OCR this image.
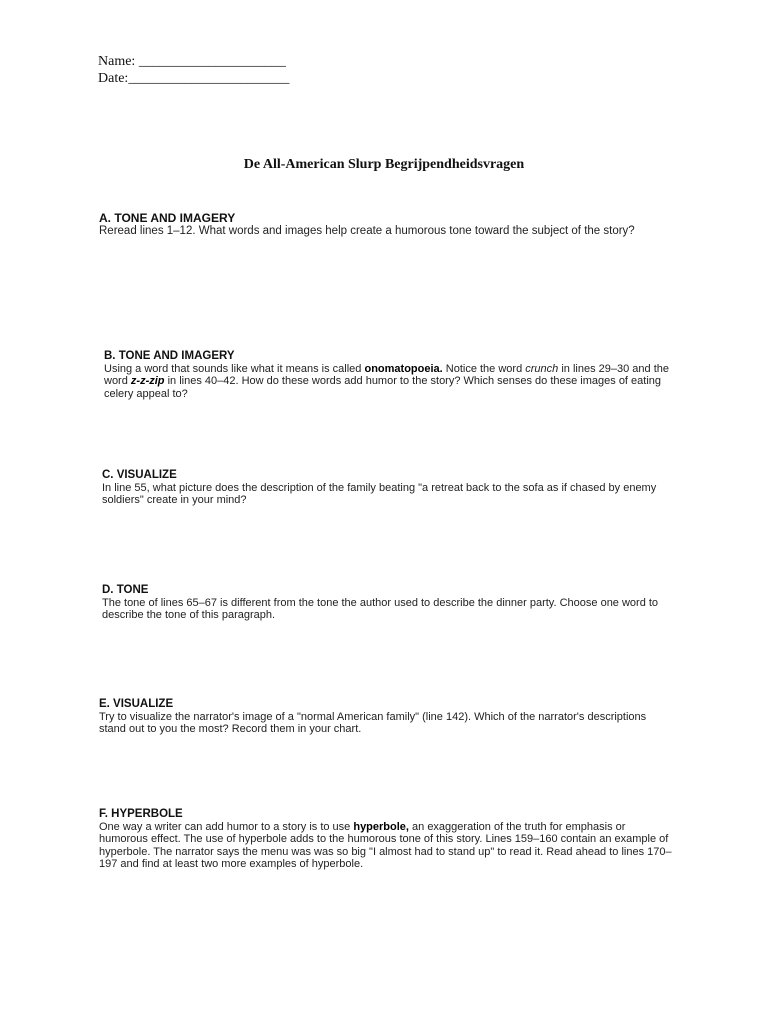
Name: _____________________
Date:_______________________
De All-American Slurp Begrijpendheidsvragen
A. TONE AND IMAGERY
Reread lines 1–12. What words and images help create a humorous tone toward the subject of the story?
B. TONE AND IMAGERY
Using a word that sounds like what it means is called onomatopoeia. Notice the word crunch in lines 29–30 and the word z-z-zip in lines 40–42. How do these words add humor to the story? Which senses do these images of eating celery appeal to?
C. VISUALIZE
In line 55, what picture does the description of the family beating "a retreat back to the sofa as if chased by enemy soldiers" create in your mind?
D. TONE
The tone of lines 65–67 is different from the tone the author used to describe the dinner party. Choose one word to describe the tone of this paragraph.
E. VISUALIZE
Try to visualize the narrator's image of a "normal American family" (line 142). Which of the narrator's descriptions stand out to you the most? Record them in your chart.
F. HYPERBOLE
One way a writer can add humor to a story is to use hyperbole, an exaggeration of the truth for emphasis or humorous effect. The use of hyperbole adds to the humorous tone of this story. Lines 159–160 contain an example of hyperbole. The narrator says the menu was was so big "I almost had to stand up" to read it. Read ahead to lines 170–197 and find at least two more examples of hyperbole.
